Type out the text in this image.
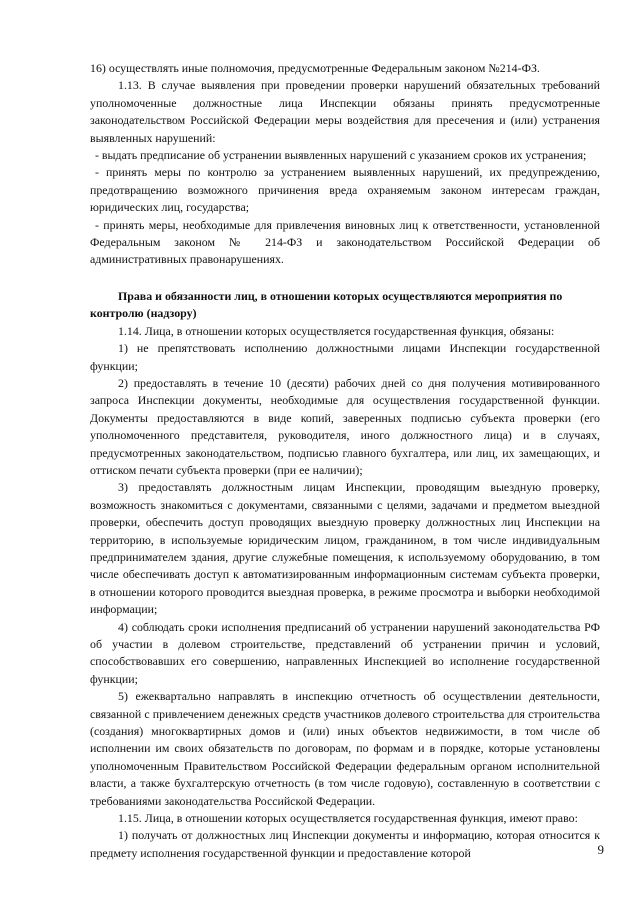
16) осуществлять иные полномочия, предусмотренные Федеральным законом №214-ФЗ.

1.13. В случае выявления при проведении проверки нарушений обязательных требований уполномоченные должностные лица Инспекции обязаны принять предусмотренные законодательством Российской Федерации меры воздействия для пресечения и (или) устранения выявленных нарушений:

- выдать предписание об устранении выявленных нарушений с указанием сроков их устранения;

- принять меры по контролю за устранением выявленных нарушений, их предупреждению, предотвращению возможного причинения вреда охраняемым законом интересам граждан, юридических лиц, государства;

- принять меры, необходимые для привлечения виновных лиц к ответственности, установленной Федеральным законом № 214-ФЗ и законодательством Российской Федерации об административных правонарушениях.

Права и обязанности лиц, в отношении которых осуществляются мероприятия по контролю (надзору)

1.14. Лица, в отношении которых осуществляется государственная функция, обязаны:

1) не препятствовать исполнению должностными лицами Инспекции государственной функции;

2) предоставлять в течение 10 (десяти) рабочих дней со дня получения мотивированного запроса Инспекции документы, необходимые для осуществления государственной функции. Документы предоставляются в виде копий, заверенных подписью субъекта проверки (его уполномоченного представителя, руководителя, иного должностного лица) и в случаях, предусмотренных законодательством, подписью главного бухгалтера, или лиц, их замещающих, и оттиском печати субъекта проверки (при ее наличии);

3) предоставлять должностным лицам Инспекции, проводящим выездную проверку, возможность знакомиться с документами, связанными с целями, задачами и предметом выездной проверки, обеспечить доступ проводящих выездную проверку должностных лиц Инспекции на территорию, в используемые юридическим лицом, гражданином, в том числе индивидуальным предпринимателем здания, другие служебные помещения, к используемому оборудованию, в том числе обеспечивать доступ к автоматизированным информационным системам субъекта проверки, в отношении которого проводится выездная проверка, в режиме просмотра и выборки необходимой информации;

4) соблюдать сроки исполнения предписаний об устранении нарушений законодательства РФ об участии в долевом строительстве, представлений об устранении причин и условий, способствовавших его совершению, направленных Инспекцией во исполнение государственной функции;

5) ежеквартально направлять в инспекцию отчетность об осуществлении деятельности, связанной с привлечением денежных средств участников долевого строительства для строительства (создания) многоквартирных домов и (или) иных объектов недвижимости, в том числе об исполнении им своих обязательств по договорам, по формам и в порядке, которые установлены уполномоченным Правительством Российской Федерации федеральным органом исполнительной власти, а также бухгалтерскую отчетность (в том числе годовую), составленную в соответствии с требованиями законодательства Российской Федерации.

1.15. Лица, в отношении которых осуществляется государственная функция, имеют право:

1) получать от должностных лиц Инспекции документы и информацию, которая относится к предмету исполнения государственной функции и предоставление которой	9
